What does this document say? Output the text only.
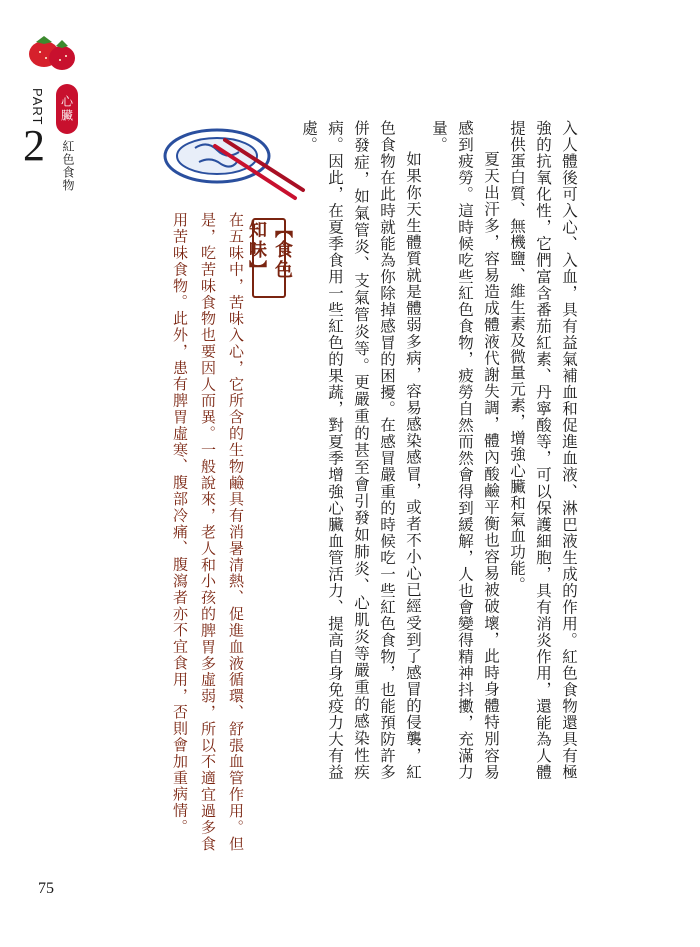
PART
2
心臟
紅色食物	入人體後可入心、入血，具有益氣補血和促進血液、淋巴液生成的作用。紅色食物還具有極強的抗氧化性，它們富含番茄紅素、丹寧酸等，可以保護細胞，具有消炎作用，還能為人體提供蛋白質、無機鹽、維生素及微量元素，增強心臟和氣血功能。

夏天出汗多，容易造成體液代謝失調，體內酸鹼平衡也容易被破壞，此時身體特別容易感到疲勞。這時候吃些紅色食物，疲勞自然而然會得到緩解，人也會變得精神抖擻，充滿力量。

如果你天生體質就是體弱多病，容易感染感冒，或者不小心已經受到了感冒的侵襲，紅色食物在此時就能為你除掉感冒的困擾。在感冒嚴重的時候吃一些紅色食物，也能預防許多併發症，如氣管炎、支氣管炎等。更嚴重的甚至會引發如肺炎、心肌炎等嚴重的感染性疾病。因此，在夏季食用一些紅色的果蔬，對夏季增強心臟血管活力、提高自身免疫力大有益處。

【食色知味】

在五味中，苦味入心，它所含的生物鹼具有消暑清熱、促進血液循環、舒張血管作用。但是，吃苦味食物也要因人而異。一般說來，老人和小孩的脾胃多虛弱，所以不適宜過多食用苦味食物。此外，患有脾胃虛寒、腹部冷痛、腹瀉者亦不宜食用，否則會加重病情。

75
